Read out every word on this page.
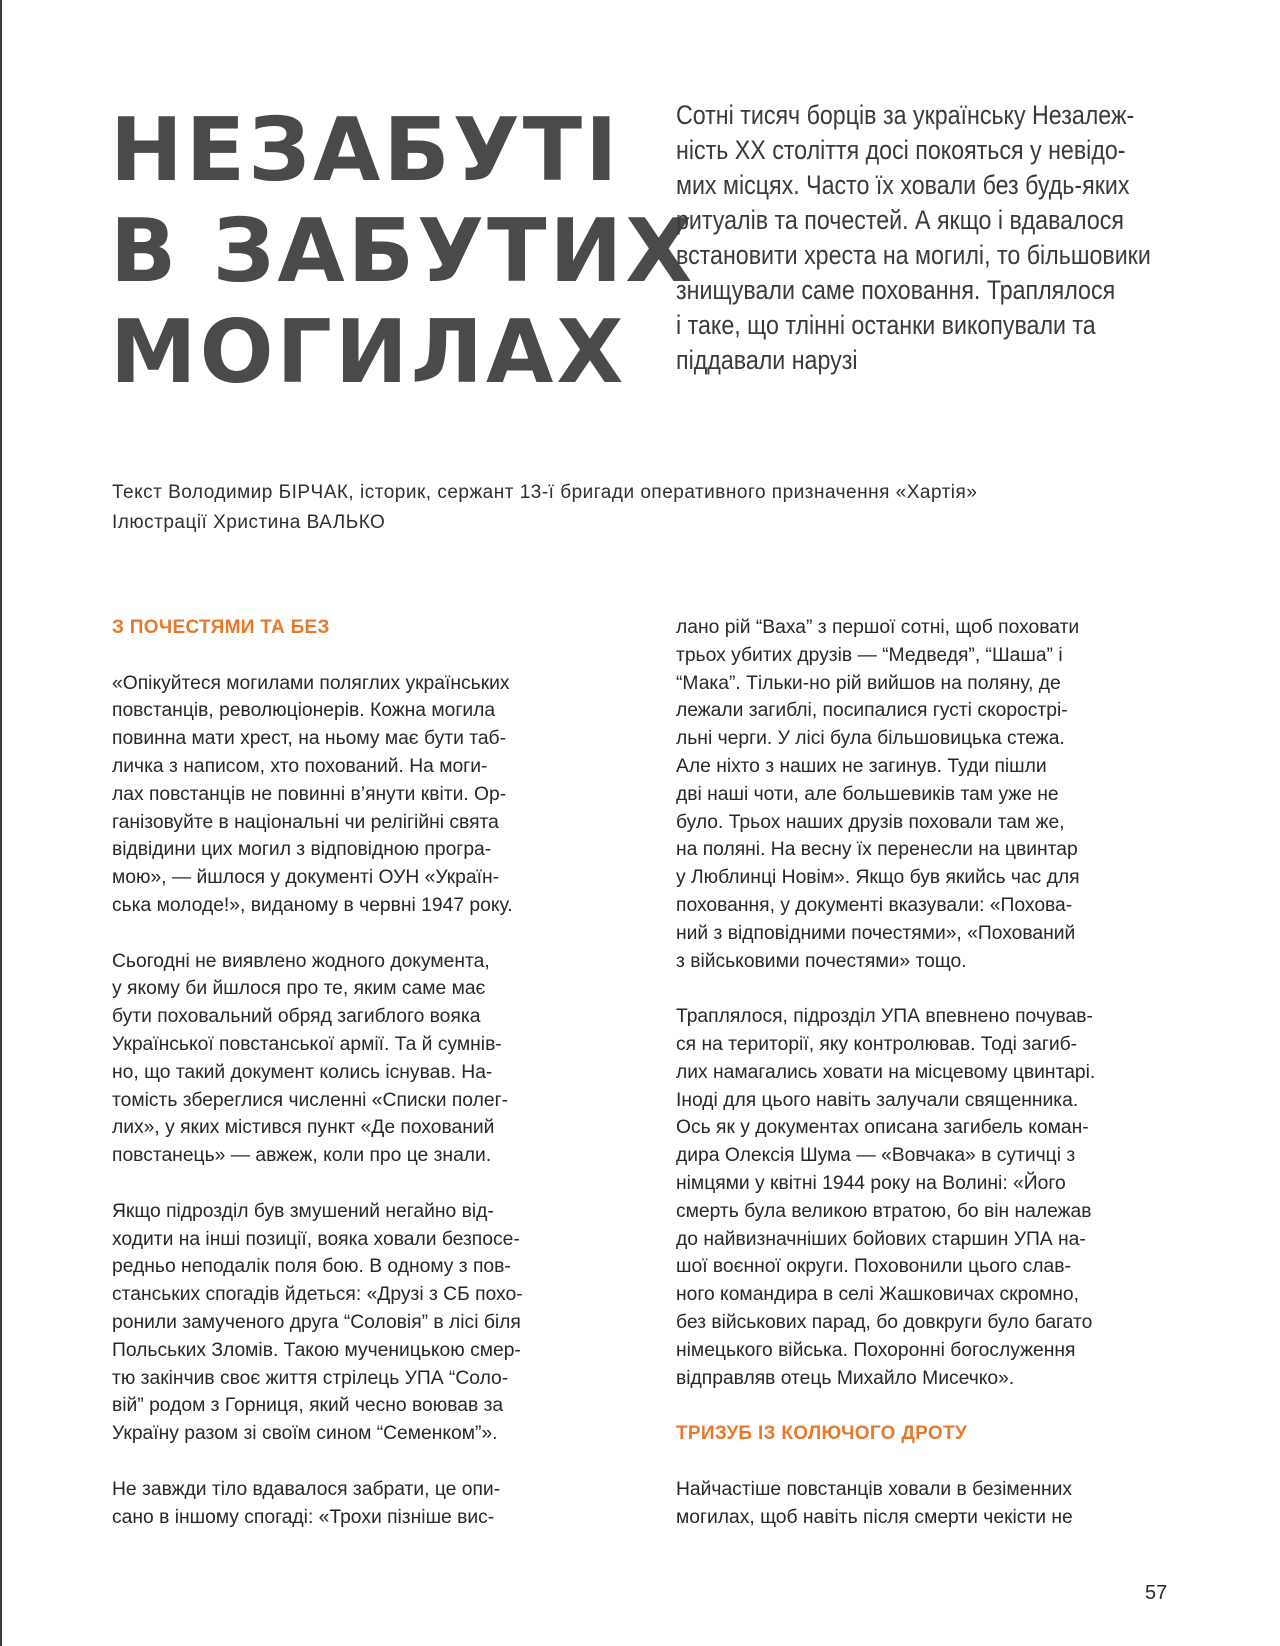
НЕЗАБУТІ
В ЗАБУТИХ
МОГИЛАХ
Сотні тисяч борців за українську Незалеж-
ність XX століття досі покояться у невідо-
мих місцях. Часто їх ховали без будь-яких
ритуалів та почестей. А якщо і вдавалося
встановити хреста на могилі, то більшовики
знищували саме поховання. Траплялося
і таке, що тлінні останки викопували та
піддавали нарузі
Текст Володимир БІРЧАК, історик, сержант 13-ї бригади оперативного призначення «Хартія»
Ілюстрації Христина ВАЛЬКО
З ПОЧЕСТЯМИ ТА БЕЗ
«Опікуйтеся могилами поляглих українських
повстанців, революціонерів. Кожна могила
повинна мати хрест, на ньому має бути таб-
личка з написом, хто похований. На моги-
лах повстанців не повинні в’янути квіти. Ор-
ганізовуйте в національні чи релігійні свята
відвідини цих могил з відповідною програ-
мою», — йшлося у документі ОУН «Україн-
ська молоде!», виданому в червні 1947 року.
Сьогодні не виявлено жодного документа,
у якому би йшлося про те, яким саме має
бути поховальний обряд загиблого вояка
Української повстанської армії. Та й сумнів-
но, що такий документ колись існував. На-
томість збереглися численні «Списки полег-
лих», у яких містився пункт «Де похований
повстанець» — авжеж, коли про це знали.
Якщо підрозділ був змушений негайно від-
ходити на інші позиції, вояка ховали безпосе-
редньо неподалік поля бою. В одному з пов-
станських спогадів йдеться: «Друзі з СБ похо-
ронили замученого друга “Соловія” в лісі біля
Польських Зломів. Такою мученицькою смер-
тю закінчив своє життя стрілець УПА “Соло-
вій” родом з Горниця, який чесно воював за
Україну разом зі своїм сином “Семенком”».
Не завжди тіло вдавалося забрати, це опи-
сано в іншому спогаді: «Трохи пізніше вис-
лано рій “Ваха” з першої сотні, щоб поховати
трьох убитих друзів — “Медведя”, “Шаша” і
“Мака”. Тільки-но рій вийшов на поляну, де
лежали загиблі, посипалися густі скорострі-
льні черги. У лісі була більшовицька стежа.
Але ніхто з наших не загинув. Туди пішли
дві наші чоти, але большевиків там уже не
було. Трьох наших друзів поховали там же,
на поляні. На весну їх перенесли на цвинтар
у Люблинці Новім». Якщо був якийсь час для
поховання, у документі вказували: «Похова-
ний з відповідними почестями», «Похований
з військовими почестями» тощо.
Траплялося, підрозділ УПА впевнено почував-
ся на території, яку контролював. Тоді загиб-
лих намагались ховати на місцевому цвинтарі.
Іноді для цього навіть залучали священника.
Ось як у документах описана загибель коман-
дира Олексія Шума — «Вовчака» в сутичці з
німцями у квітні 1944 року на Волині: «Його
смерть була великою втратою, бо він належав
до найвизначніших бойових старшин УПА на-
шої воєнної округи. Поховонили цього слав-
ного командира в селі Жашковичах скромно,
без військових парад, бо довкруги було багато
німецького війська. Похоронні богослуження
відправляв отець Михайло Мисечко».
ТРИЗУБ ІЗ КОЛЮЧОГО ДРОТУ
Найчастіше повстанців ховали в безіменних
могилах, щоб навіть після смерти чекісти не
57
